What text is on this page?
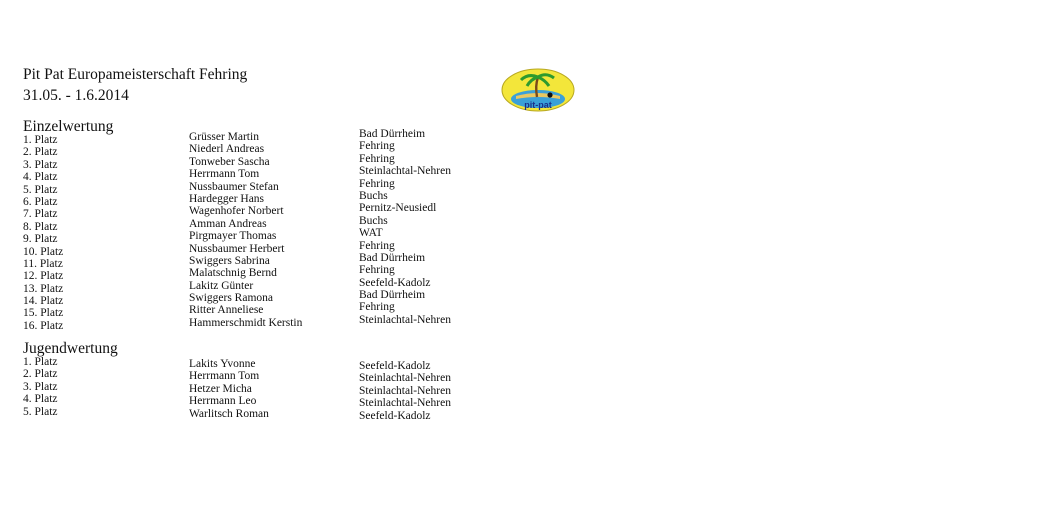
Pit Pat Europameisterschaft Fehring
31.05. - 1.6.2014
pit-pat
Einzelwertung
1. Platz
2. Platz
3. Platz
4. Platz
5. Platz
6. Platz
7. Platz
8. Platz
9. Platz
10. Platz
11. Platz
12. Platz
13. Platz
14. Platz
15. Platz
16. Platz
Grüsser Martin
Niederl Andreas
Tonweber Sascha
Herrmann Tom
Nussbaumer Stefan
Hardegger Hans
Wagenhofer Norbert
Amman Andreas
Pirgmayer Thomas
Nussbaumer Herbert
Swiggers Sabrina
Malatschnig Bernd
Lakitz Günter
Swiggers Ramona
Ritter Anneliese
Hammerschmidt Kerstin
Bad Dürrheim
Fehring
Fehring
Steinlachtal-Nehren
Fehring
Buchs
Pernitz-Neusiedl
Buchs
WAT
Fehring
Bad Dürrheim
Fehring
Seefeld-Kadolz
Bad Dürrheim
Fehring
Steinlachtal-Nehren
Jugendwertung
1. Platz
2. Platz
3. Platz
4. Platz
5. Platz
Lakits Yvonne
Herrmann Tom
Hetzer Micha
Herrmann Leo
Warlitsch Roman
Seefeld-Kadolz
Steinlachtal-Nehren
Steinlachtal-Nehren
Steinlachtal-Nehren
Seefeld-Kadolz
